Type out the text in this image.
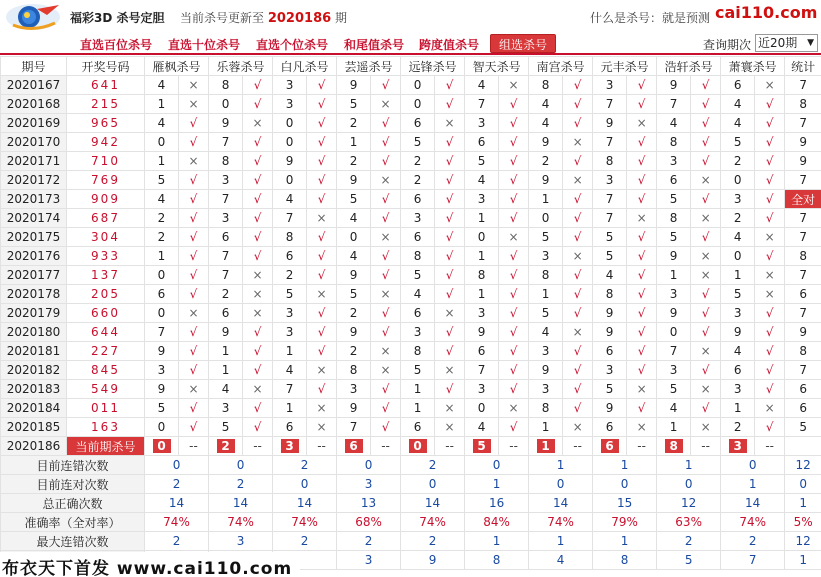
福彩3D 杀号定胆 当前杀号更新至 2020186 期	什么是杀号：就是预测 cai110.com
直选百位杀号 直选十位杀号 直选个位杀号 和尾值杀号 跨度值杀号	组选杀号	查询期次 近20期 ▼
期号	开奖号码	雁枫杀号		乐蓉杀号		白凡杀号		芸遥杀号		远锋杀号		智天杀号		南宫杀号		元丰杀号		浩轩杀号		萧寰杀号		统计
2020167	641	4	×	8	√	3	√	9	√	0	√	4	×	8	√	3	√	9	√	6	×	7
2020168	215	1	×	0	√	3	√	5	×	0	√	7	√	4	√	7	√	7	√	4	√	8
2020169	965	4	√	9	×	0	√	2	√	6	×	3	√	4	√	9	×	4	√	4	√	7
2020170	942	0	√	7	√	0	√	1	√	5	√	6	√	9	×	7	√	8	√	5	√	9
2020171	710	1	×	8	√	9	√	2	√	2	√	5	√	2	√	8	√	3	√	2	√	9
2020172	769	5	√	3	√	0	√	9	×	2	√	4	√	9	×	3	√	6	×	0	√	7
2020173	909	4	√	7	√	4	√	5	√	6	√	3	√	1	√	7	√	5	√	3	√	全对
2020174	687	2	√	3	√	7	×	4	√	3	√	1	√	0	√	7	×	8	×	2	√	7
2020175	304	2	√	6	√	8	√	0	×	6	√	0	×	5	√	5	√	5	√	4	×	7
2020176	933	1	√	7	√	6	√	4	√	8	√	1	√	3	×	5	√	9	×	0	√	8
2020177	137	0	√	7	×	2	√	9	√	5	√	8	√	8	√	4	√	1	×	1	×	7
2020178	205	6	√	2	×	5	×	5	×	4	√	1	√	1	√	8	√	3	√	5	×	6
2020179	660	0	×	6	×	3	√	2	√	6	×	3	√	5	√	9	√	9	√	3	√	7
2020180	644	7	√	9	√	3	√	9	√	3	√	9	√	4	×	9	√	0	√	9	√	9
2020181	227	9	√	1	√	1	√	2	×	8	√	6	√	3	√	6	√	7	×	4	√	8
2020182	845	3	√	1	√	4	×	8	×	5	×	7	√	9	√	3	√	3	√	6	√	7
2020183	549	9	×	4	×	7	√	3	√	1	√	3	√	3	√	5	×	5	×	3	√	6
2020184	011	5	√	3	√	1	×	9	√	1	×	0	×	8	√	9	√	4	√	1	×	6
2020185	163	0	√	5	√	6	×	7	√	6	×	4	√	1	×	6	×	1	×	2	√	5
2020186	当前期杀号	0	--	2	--	3	--	6	--	0	--	5	--	1	--	6	--	8	--	3	--	
目前连错次数		0		0		2		0		2		0		1		1		1		0		12
目前连对次数		2		2		0		3		0		1		0		0		0		1		0
总正确次数		14		14		14		13		14		16		14		15		12		14		1
准确率（全对率）		74%		74%		74%		68%		74%		84%		74%		79%		63%		74%		5%
最大连错次数		2		3		2		2		2		1		1		1		2		2		12
								3		9		8		4		8		5		7		1
布衣天下首发 www.cai110.com
